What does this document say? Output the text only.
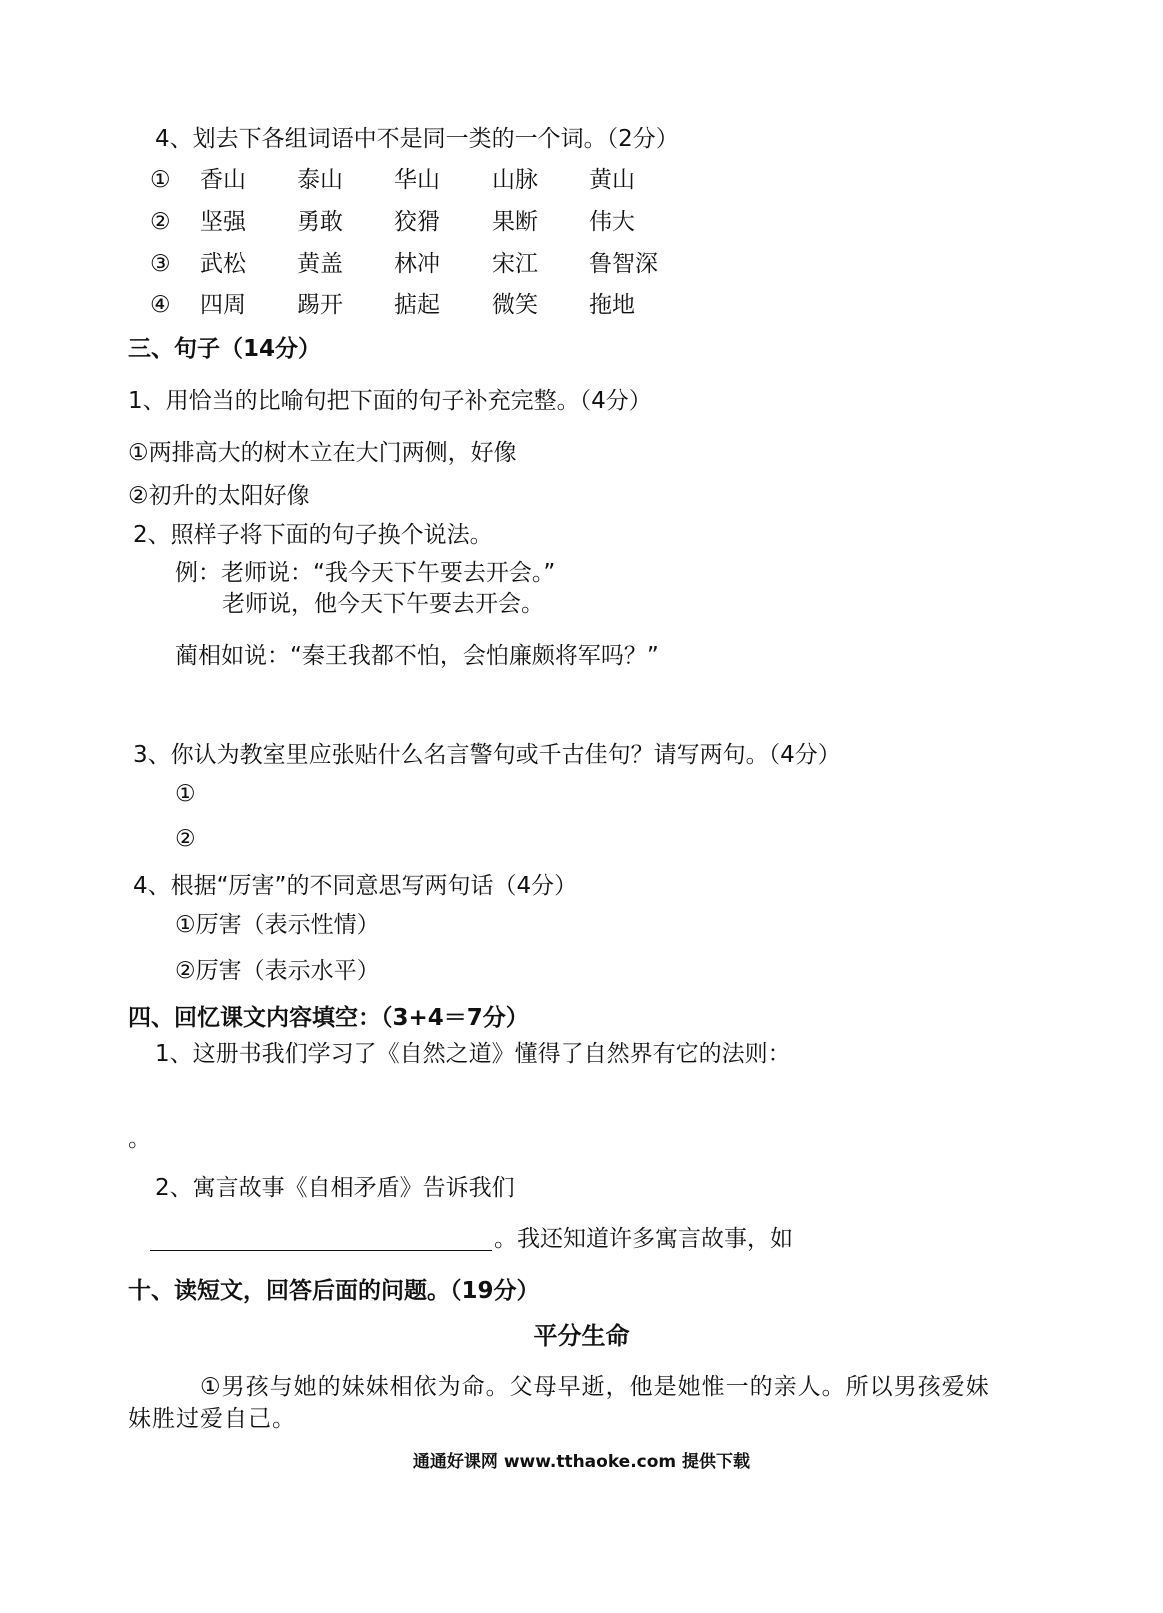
4、划去下各组词语中不是同一类的一个词。（2分）
① 香山 泰山 华山 山脉 黄山
② 坚强 勇敢 狡猾 果断 伟大
③ 武松 黄盖 林冲 宋江 鲁智深
④ 四周 踢开 掂起 微笑 拖地
三、句子（14分）
1、用恰当的比喻句把下面的句子补充完整。（4分）
①两排高大的树木立在大门两侧，好像
②初升的太阳好像
2、照样子将下面的句子换个说法。
例：老师说：“我今天下午要去开会。”
老师说，他今天下午要去开会。
蔺相如说：“秦王我都不怕，会怕廉颇将军吗？”
3、你认为教室里应张贴什么名言警句或千古佳句？请写两句。（4分）
①
②
4、根据“厉害”的不同意思写两句话（4分）
①厉害（表示性情）
②厉害（表示水平）
四、回忆课文内容填空：（3+4＝7分）
1、这册书我们学习了《自然之道》懂得了自然界有它的法则：
。
2、寓言故事《自相矛盾》告诉我们
。我还知道许多寓言故事，如
十、读短文，回答后面的问题。（19分）
平分生命
①男孩与她的妹妹相依为命。父母早逝，他是她惟一的亲人。所以男孩爱妹
妹胜过爱自己。
通通好课网 www.tthaoke.com 提供下载
